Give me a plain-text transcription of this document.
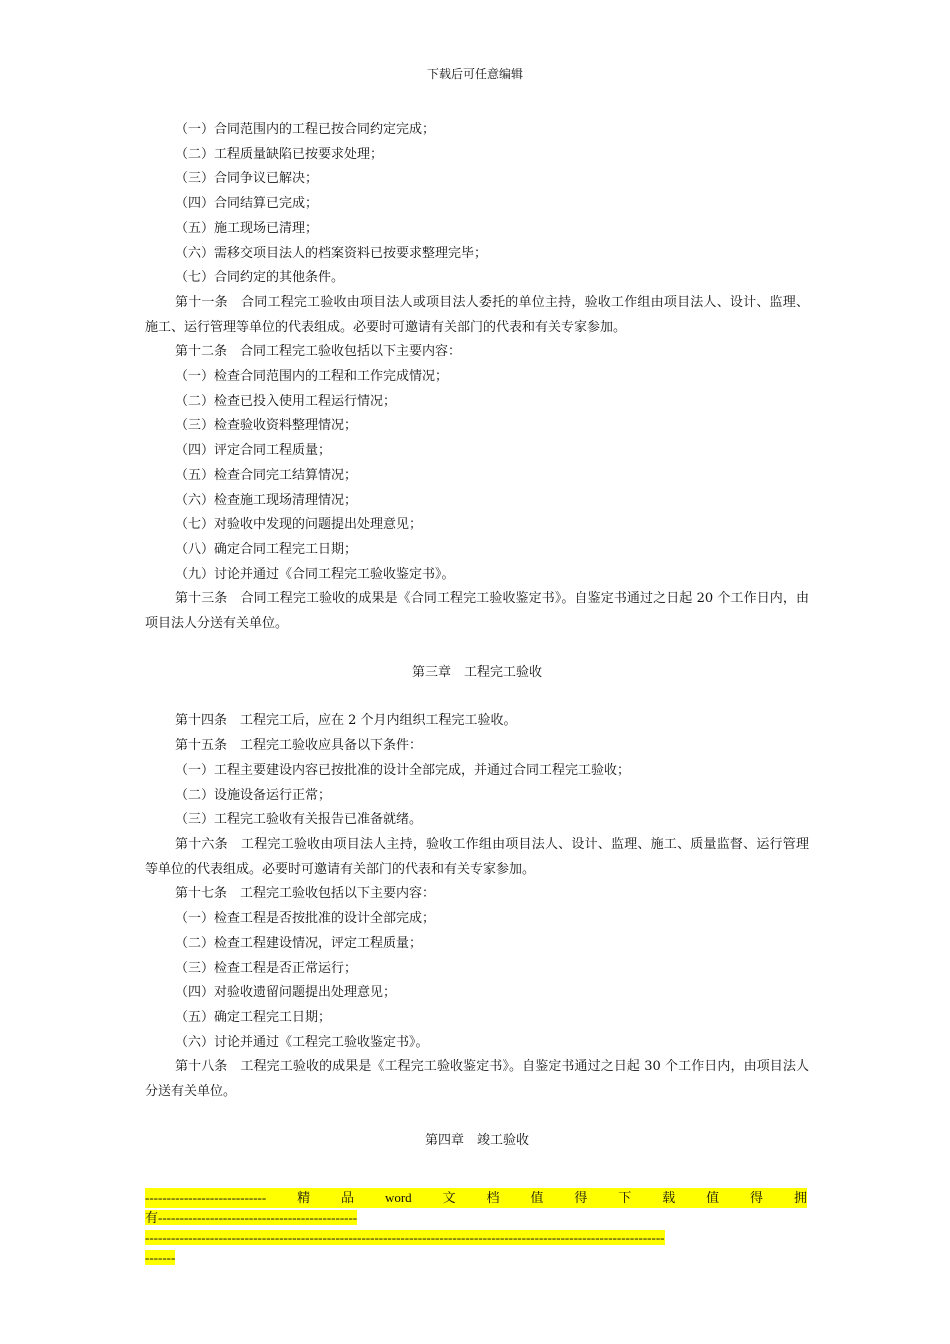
下载后可任意编辑

（一）合同范围内的工程已按合同约定完成；

（二）工程质量缺陷已按要求处理；

（三）合同争议已解决；

（四）合同结算已完成；

（五）施工现场已清理；

（六）需移交项目法人的档案资料已按要求整理完毕；

（七）合同约定的其他条件。

第十一条　合同工程完工验收由项目法人或项目法人委托的单位主持，验收工作组由项目法人、设计、监理、施工、运行管理等单位的代表组成。必要时可邀请有关部门的代表和有关专家参加。

第十二条　合同工程完工验收包括以下主要内容：

（一）检查合同范围内的工程和工作完成情况；

（二）检查已投入使用工程运行情况；

（三）检查验收资料整理情况；

（四）评定合同工程质量；

（五）检查合同完工结算情况；

（六）检查施工现场清理情况；

（七）对验收中发现的问题提出处理意见；

（八）确定合同工程完工日期；

（九）讨论并通过《合同工程完工验收鉴定书》。

第十三条　合同工程完工验收的成果是《合同工程完工验收鉴定书》。自鉴定书通过之日起 20 个工作日内，由项目法人分送有关单位。

第三章　工程完工验收

第十四条　工程完工后，应在 2 个月内组织工程完工验收。

第十五条　工程完工验收应具备以下条件：

（一）工程主要建设内容已按批准的设计全部完成，并通过合同工程完工验收；

（二）设施设备运行正常；

（三）工程完工验收有关报告已准备就绪。

第十六条　工程完工验收由项目法人主持，验收工作组由项目法人、设计、监理、施工、质量监督、运行管理等单位的代表组成。必要时可邀请有关部门的代表和有关专家参加。

第十七条　工程完工验收包括以下主要内容：

（一）检查工程是否按批准的设计全部完成；

（二）检查工程建设情况，评定工程质量；

（三）检查工程是否正常运行；

（四）对验收遗留问题提出处理意见；

（五）确定工程完工日期；

（六）讨论并通过《工程完工验收鉴定书》。

第十八条　工程完工验收的成果是《工程完工验收鉴定书》。自鉴定书通过之日起 30 个工作日内，由项目法人分送有关单位。

第四章　竣工验收

---------------------------- 精 品 word 文 档 值 得 下 载 值 得 拥
有----------------------------------------------
------------------------------------------------------------------------------------------------------------------------
-------
